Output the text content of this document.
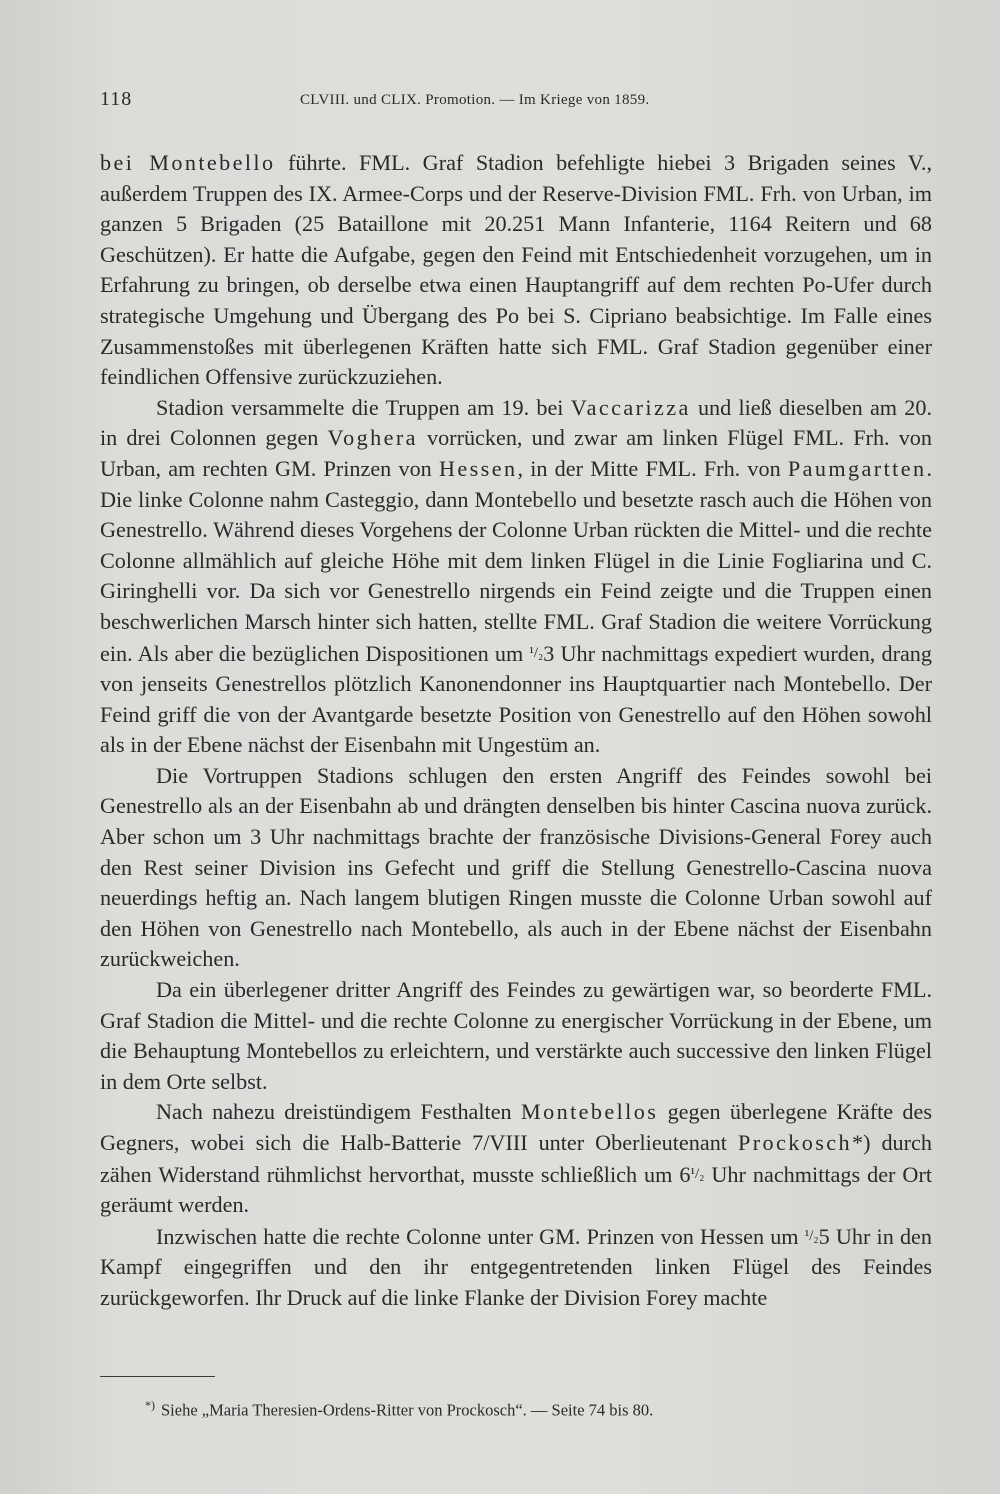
118	CLVIII. und CLIX. Promotion. — Im Kriege von 1859.

bei Montebello führte. FML. Graf Stadion befehligte hiebei 3 Brigaden seines V., außerdem Truppen des IX. Armee-Corps und der Reserve-Division FML. Frh. von Urban, im ganzen 5 Brigaden (25 Bataillone mit 20.251 Mann Infanterie, 1164 Reitern und 68 Geschützen). Er hatte die Aufgabe, gegen den Feind mit Entschiedenheit vorzugehen, um in Erfahrung zu bringen, ob derselbe etwa einen Hauptangriff auf dem rechten Po-Ufer durch strategische Umgehung und Übergang des Po bei S. Cipriano beabsichtige. Im Falle eines Zusammenstoßes mit überlegenen Kräften hatte sich FML. Graf Stadion gegenüber einer feindlichen Offensive zurückzuziehen.

Stadion versammelte die Truppen am 19. bei Vaccarizza und ließ dieselben am 20. in drei Colonnen gegen Voghera vorrücken, und zwar am linken Flügel FML. Frh. von Urban, am rechten GM. Prinzen von Hessen, in der Mitte FML. Frh. von Paumgartten. Die linke Colonne nahm Casteggio, dann Montebello und besetzte rasch auch die Höhen von Genestrello. Während dieses Vorgehens der Colonne Urban rückten die Mittel- und die rechte Colonne allmählich auf gleiche Höhe mit dem linken Flügel in die Linie Fogliarina und C. Giringhelli vor. Da sich vor Genestrello nirgends ein Feind zeigte und die Truppen einen beschwerlichen Marsch hinter sich hatten, stellte FML. Graf Stadion die weitere Vorrückung ein. Als aber die bezüglichen Dispositionen um ¹/₂3 Uhr nachmittags expediert wurden, drang von jenseits Genestrellos plötzlich Kanonendonner ins Hauptquartier nach Montebello. Der Feind griff die von der Avantgarde besetzte Position von Genestrello auf den Höhen sowohl als in der Ebene nächst der Eisenbahn mit Ungestüm an.

Die Vortruppen Stadions schlugen den ersten Angriff des Feindes sowohl bei Genestrello als an der Eisenbahn ab und drängten denselben bis hinter Cascina nuova zurück. Aber schon um 3 Uhr nachmittags brachte der französische Divisions-General Forey auch den Rest seiner Division ins Gefecht und griff die Stellung Genestrello-Cascina nuova neuerdings heftig an. Nach langem blutigen Ringen musste die Colonne Urban sowohl auf den Höhen von Genestrello nach Montebello, als auch in der Ebene nächst der Eisenbahn zurückweichen.

Da ein überlegener dritter Angriff des Feindes zu gewärtigen war, so beorderte FML. Graf Stadion die Mittel- und die rechte Colonne zu energischer Vorrückung in der Ebene, um die Behauptung Montebellos zu erleichtern, und verstärkte auch successive den linken Flügel in dem Orte selbst.

Nach nahezu dreistündigem Festhalten Montebellos gegen überlegene Kräfte des Gegners, wobei sich die Halb-Batterie 7/VIII unter Oberlieutenant Prockosch*) durch zähen Widerstand rühmlichst hervorthat, musste schließlich um 6¹/₂ Uhr nachmittags der Ort geräumt werden.

Inzwischen hatte die rechte Colonne unter GM. Prinzen von Hessen um ¹/₂5 Uhr in den Kampf eingegriffen und den ihr entgegentretenden linken Flügel des Feindes zurückgeworfen. Ihr Druck auf die linke Flanke der Division Forey machte

*) Siehe „Maria Theresien-Ordens-Ritter von Prockosch“. — Seite 74 bis 80.
